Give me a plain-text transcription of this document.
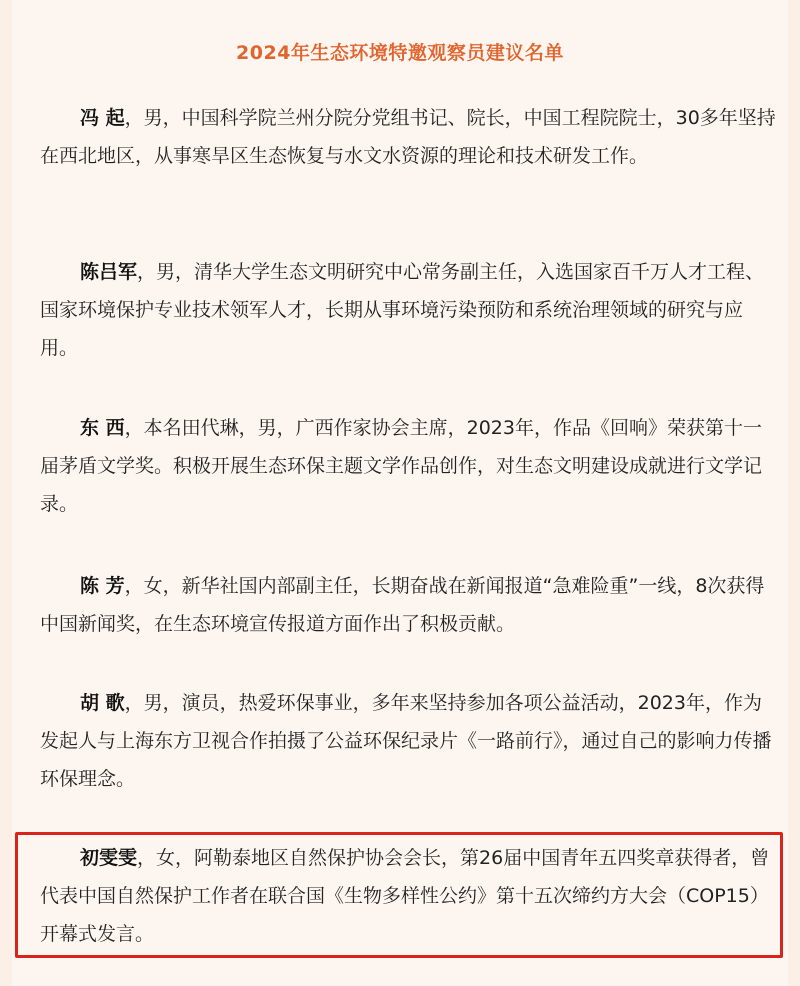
2024年生态环境特邀观察员建议名单

冯 起，男，中国科学院兰州分院分党组书记、院长，中国工程院院士，30多年坚持在西北地区，从事寒旱区生态恢复与水文水资源的理论和技术研发工作。

陈吕军，男，清华大学生态文明研究中心常务副主任，入选国家百千万人才工程、国家环境保护专业技术领军人才，长期从事环境污染预防和系统治理领域的研究与应用。

东 西，本名田代琳，男，广西作家协会主席，2023年，作品《回响》荣获第十一届茅盾文学奖。积极开展生态环保主题文学作品创作，对生态文明建设成就进行文学记录。

陈 芳，女，新华社国内部副主任，长期奋战在新闻报道“急难险重”一线，8次获得中国新闻奖，在生态环境宣传报道方面作出了积极贡献。

胡 歌，男，演员，热爱环保事业，多年来坚持参加各项公益活动，2023年，作为发起人与上海东方卫视合作拍摄了公益环保纪录片《一路前行》，通过自己的影响力传播环保理念。

初雯雯，女，阿勒泰地区自然保护协会会长，第26届中国青年五四奖章获得者，曾代表中国自然保护工作者在联合国《生物多样性公约》第十五次缔约方大会（COP15）开幕式发言。
